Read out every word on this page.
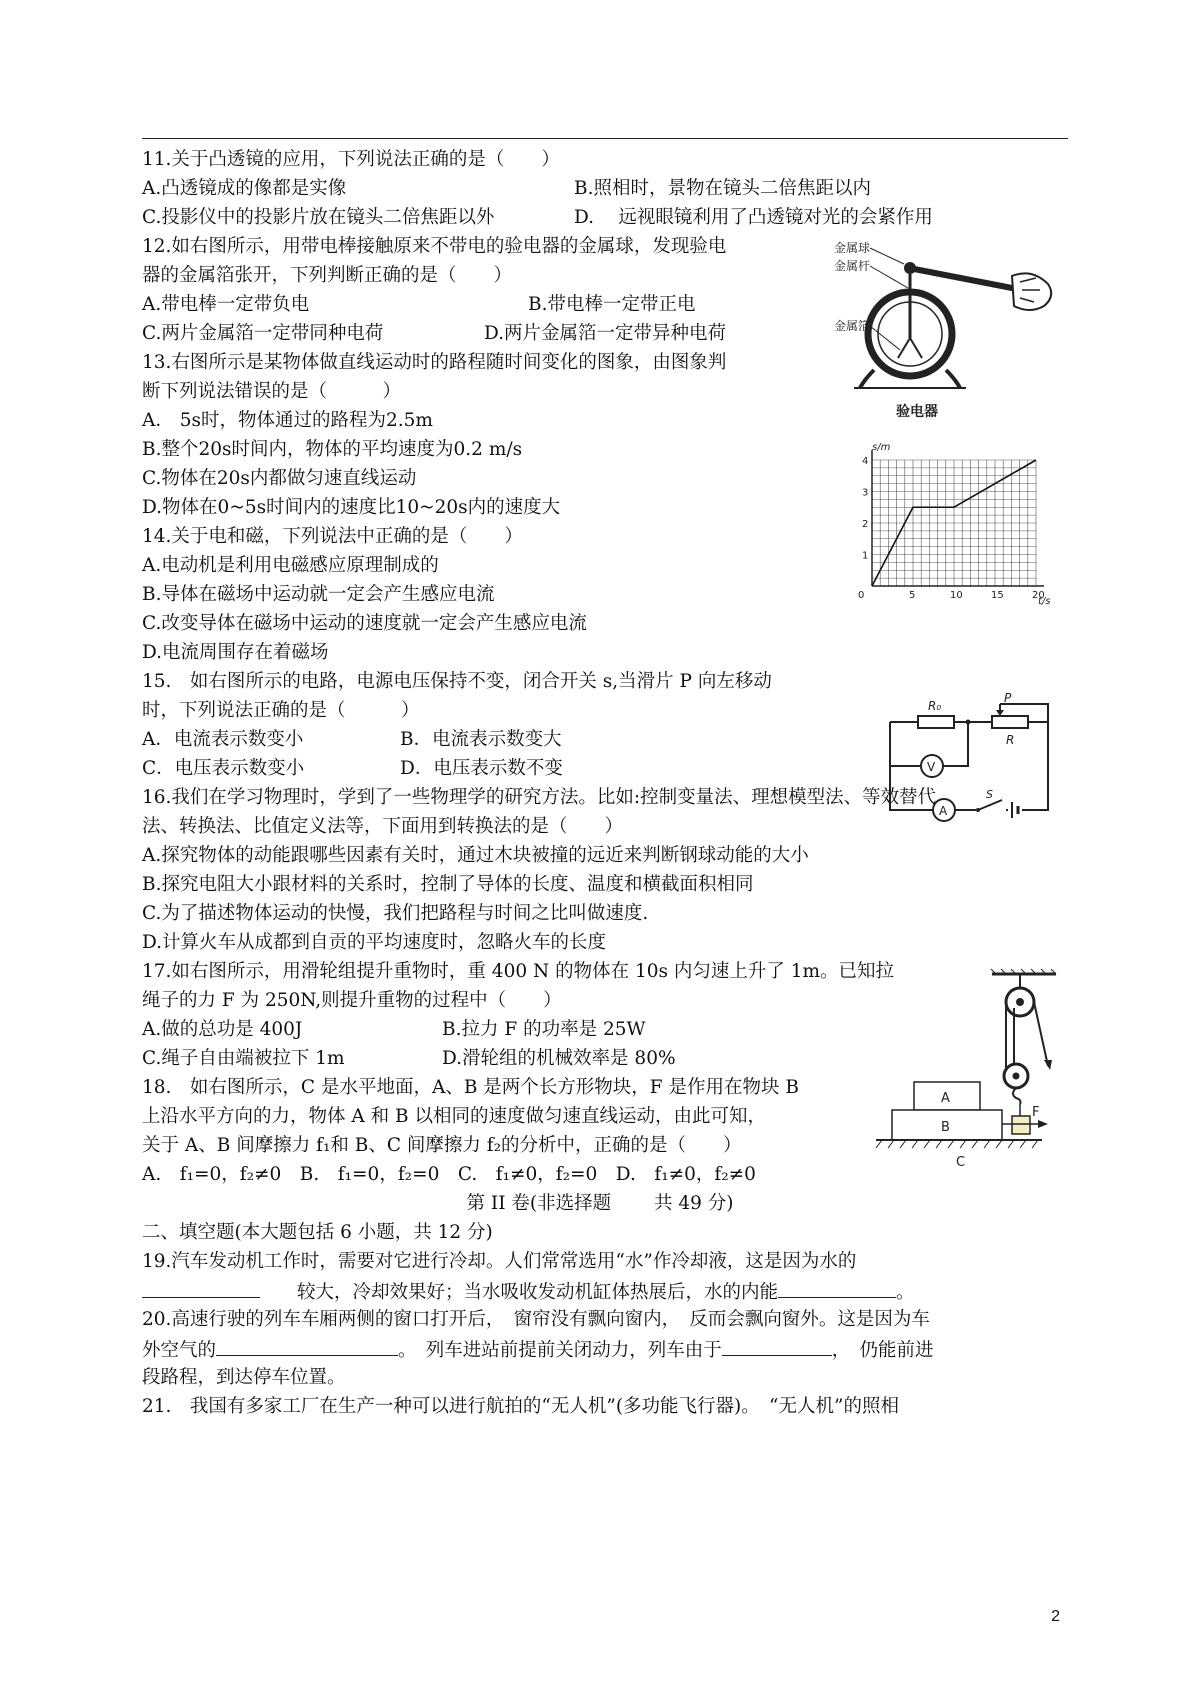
11.关于凸透镜的应用，下列说法正确的是（　　）
A.凸透镜成的像都是实像	B.照相时，景物在镜头二倍焦距以内
C.投影仪中的投影片放在镜头二倍焦距以外	D.　 远视眼镜利用了凸透镜对光的会紧作用
12.如右图所示，用带电棒接触原来不带电的验电器的金属球，发现验电
器的金属箔张开，下列判断正确的是（　　）
A.带电棒一定带负电	B.带电棒一定带正电
C.两片金属箔一定带同种电荷	D.两片金属箔一定带异种电荷
金属球
金属杆
金属箔
验电器
13.右图所示是某物体做直线运动时的路程随时间变化的图象，由图象判
断下列说法错误的是（　　　）
A． 5s时，物体通过的路程为2.5m
B.整个20s时间内，物体的平均速度为0.2 m/s
C.物体在20s内都做匀速直线运动
D.物体在0~5s时间内的速度比10~20s内的速度大
0	5	10	15	20
1
2
3
4
s/m
t/s
14.关于电和磁，下列说法中正确的是（　　）
A.电动机是利用电磁感应原理制成的
B.导体在磁场中运动就一定会产生感应电流
C.改变导体在磁场中运动的速度就一定会产生感应电流
D.电流周围存在着磁场
15.　如右图所示的电路，电源电压保持不变，闭合开关 s,当滑片 P 向左移动
时，下列说法正确的是（　　　）
A．电流表示数变小	B．电流表示数变大
C．电压表示数变小	D．电压表示数不变
R₀
P
R
V
A
S
16.我们在学习物理时，学到了一些物理学的研究方法。比如:控制变量法、理想模型法、等效替代
法、转换法、比值定义法等，下面用到转换法的是（　　）
A.探究物体的动能跟哪些因素有关时，通过木块被撞的远近来判断钢球动能的大小
B.探究电阻大小跟材料的关系时，控制了导体的长度、温度和横截面积相同
C.为了描述物体运动的快慢，我们把路程与时间之比叫做速度.
D.计算火车从成都到自贡的平均速度时，忽略火车的长度
17.如右图所示，用滑轮组提升重物时，重 400 N 的物体在 10s 内匀速上升了 1m。已知拉
绳子的力 F 为 250N,则提升重物的过程中（　　）
A.做的总功是 400J	B.拉力 F 的功率是 25W
C.绳子自由端被拉下 1m	D.滑轮组的机械效率是 80%
18.　如右图所示，C 是水平地面，A、B 是两个长方形物块，F 是作用在物块 B
上沿水平方向的力，物体 A 和 B 以相同的速度做匀速直线运动，由此可知，
关于 A、B 间摩擦力 f₁和 B、C 间摩擦力 f₂的分析中，正确的是（　　）
A.　f₁=0，f₂≠0　B.　f₁=0，f₂=0　C.　f₁≠0，f₂=0　D.　f₁≠0，f₂≠0
A
B
F
C
第 II 卷(非选择题　　 共 49 分)
二、填空题(本大题包括 6 小题，共 12 分)
19.汽车发动机工作时，需要对它进行冷却。人们常常选用“水”作冷却液，这是因为水的
　　较大，冷却效果好；当水吸收发动机缸体热展后，水的内能	。
20.高速行驶的列车车厢两侧的窗口打开后，　窗帘没有飘向窗内，　反而会飘向窗外。这是因为车
外空气的	。　列车进站前提前关闭动力，列车由于	，　仍能前进
段路程，到达停车位置。
21.　我国有多家工厂在生产一种可以进行航拍的“无人机”(多功能飞行器)。　“无人机”的照相
2
